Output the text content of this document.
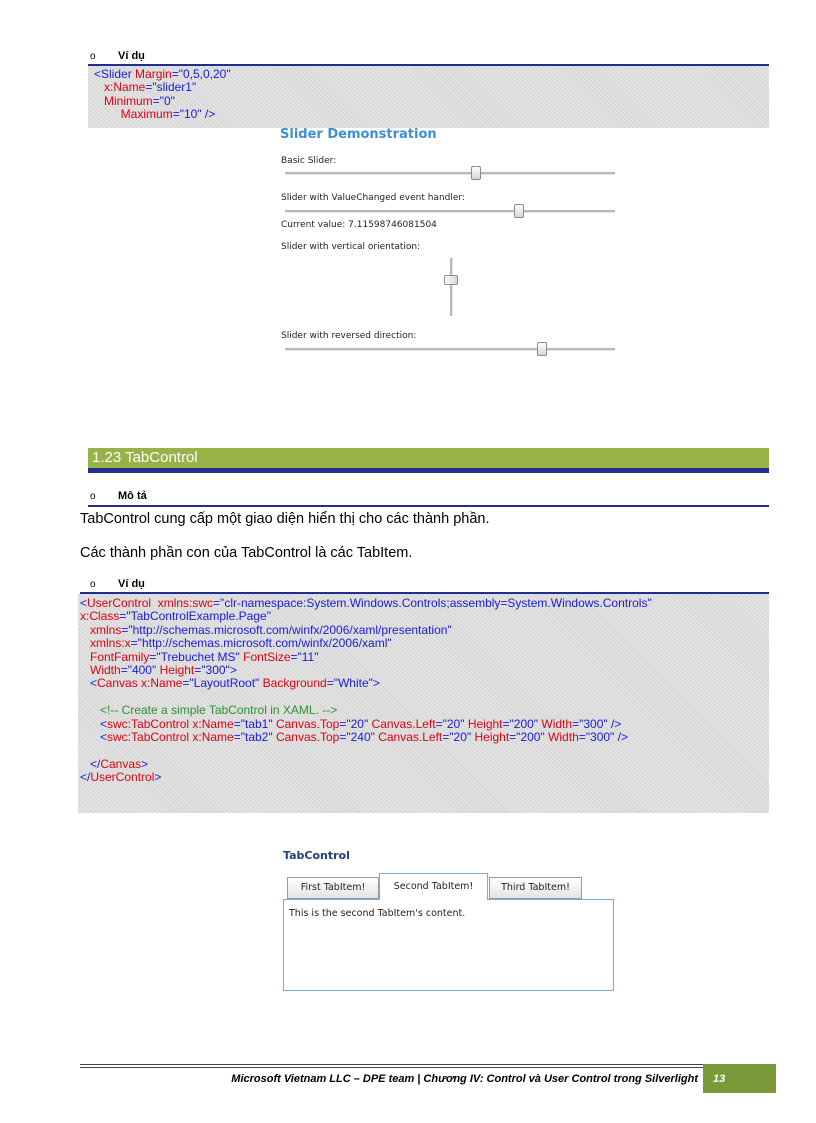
o Ví dụ
<Slider Margin="0,5,0,20"
x:Name="slider1"
Minimum="0"
Maximum="10" />
Slider Demonstration
Basic Slider:
Slider with ValueChanged event handler:
Current value: 7.11598746081504
Slider with vertical orientation:
Slider with reversed direction:
1.23 TabControl
o Mô tả
TabControl cung cấp một giao diện hiển thị cho các thành phần.
Các thành phần con của TabControl là các TabItem.
o Ví dụ
<UserControl  xmlns:swc="clr-namespace:System.Windows.Controls;assembly=System.Windows.Controls"
x:Class="TabControlExample.Page"
xmlns="http://schemas.microsoft.com/winfx/2006/xaml/presentation"
xmlns:x="http://schemas.microsoft.com/winfx/2006/xaml"
FontFamily="Trebuchet MS" FontSize="11"
Width="400" Height="300">
<Canvas x:Name="LayoutRoot" Background="White">
<!-- Create a simple TabControl in XAML. -->
<swc:TabControl x:Name="tab1" Canvas.Top="20" Canvas.Left="20" Height="200" Width="300" />
<swc:TabControl x:Name="tab2" Canvas.Top="240" Canvas.Left="20" Height="200" Width="300" />
</Canvas>
</UserControl>
TabControl
First TabItem!	Second TabItem!	Third TabItem!
This is the second TabItem's content.
Microsoft Vietnam LLC – DPE team | Chương IV: Control và User Control trong Silverlight	13
